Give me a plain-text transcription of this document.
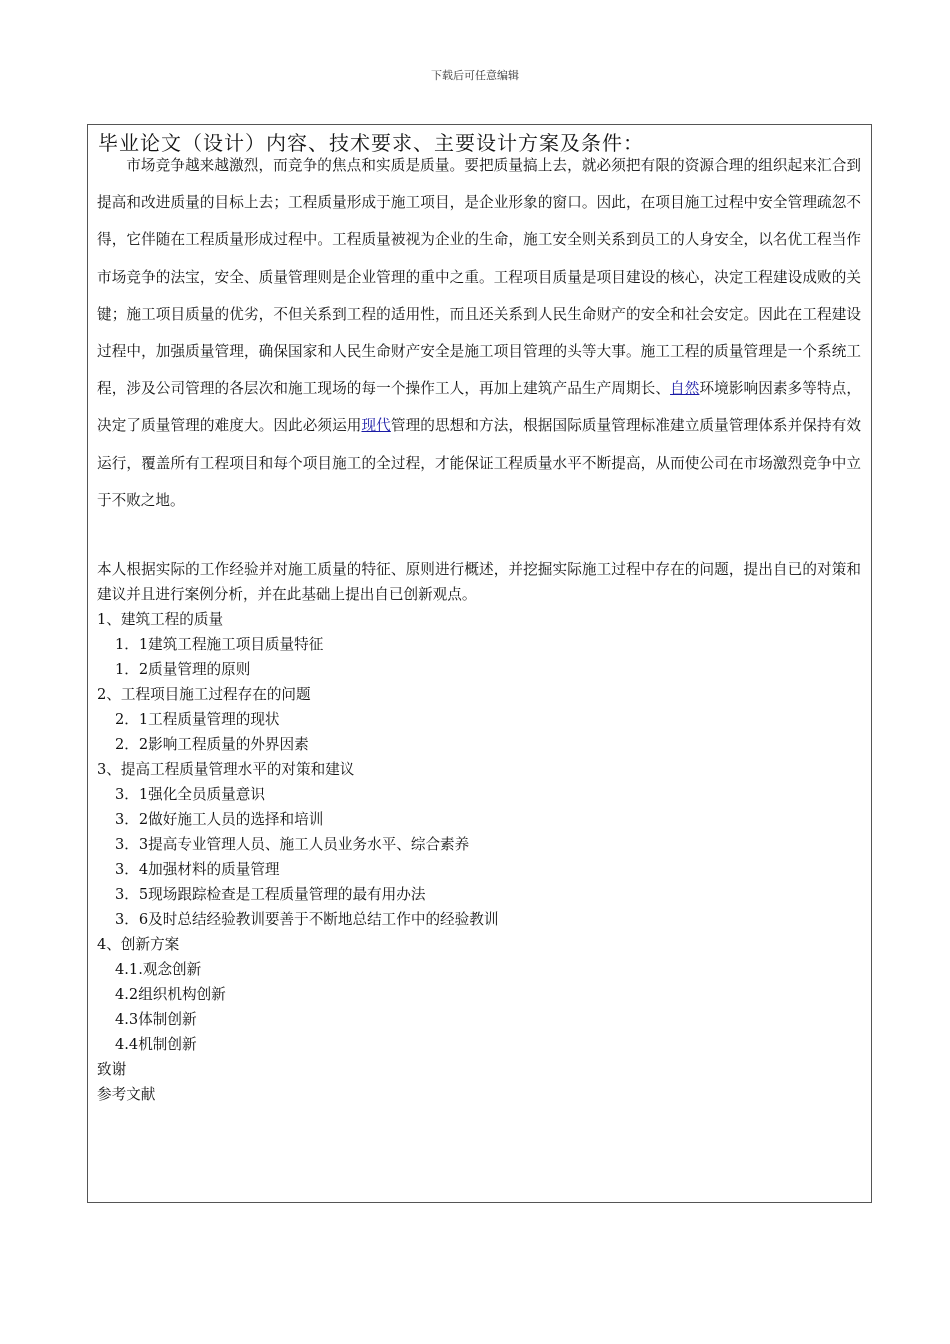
下载后可任意编辑
毕业论文（设计）内容、技术要求、主要设计方案及条件：
市场竞争越来越激烈，而竞争的焦点和实质是质量。要把质量搞上去，就必须把有限的资源合理的组织起来汇合到提高和改进质量的目标上去；工程质量形成于施工项目，是企业形象的窗口。因此，在项目施工过程中安全管理疏忽不得，它伴随在工程质量形成过程中。工程质量被视为企业的生命，施工安全则关系到员工的人身安全，以名优工程当作市场竞争的法宝，安全、质量管理则是企业管理的重中之重。工程项目质量是项目建设的核心，决定工程建设成败的关键；施工项目质量的优劣，不但关系到工程的适用性，而且还关系到人民生命财产的安全和社会安定。因此在工程建设过程中，加强质量管理，确保国家和人民生命财产安全是施工项目管理的头等大事。施工工程的质量管理是一个系统工程，涉及公司管理的各层次和施工现场的每一个操作工人，再加上建筑产品生产周期长、自然环境影响因素多等特点，决定了质量管理的难度大。因此必须运用现代管理的思想和方法，根据国际质量管理标准建立质量管理体系并保持有效运行，覆盖所有工程项目和每个项目施工的全过程，才能保证工程质量水平不断提高，从而使公司在市场激烈竞争中立于不败之地。
本人根据实际的工作经验并对施工质量的特征、原则进行概述，并挖掘实际施工过程中存在的问题，提出自已的对策和建议并且进行案例分析，并在此基础上提出自已创新观点。
1、建筑工程的质量
1．1建筑工程施工项目质量特征
1．2质量管理的原则
2、工程项目施工过程存在的问题
2．1工程质量管理的现状
2．2影响工程质量的外界因素
3、提高工程质量管理水平的对策和建议
3．1强化全员质量意识
3．2做好施工人员的选择和培训
3．3提高专业管理人员、施工人员业务水平、综合素养
3．4加强材料的质量管理
3．5现场跟踪检查是工程质量管理的最有用办法
3．6及时总结经验教训要善于不断地总结工作中的经验教训
4、创新方案
4.1.观念创新
4.2组织机构创新
4.3体制创新
4.4机制创新
致谢
参考文献
